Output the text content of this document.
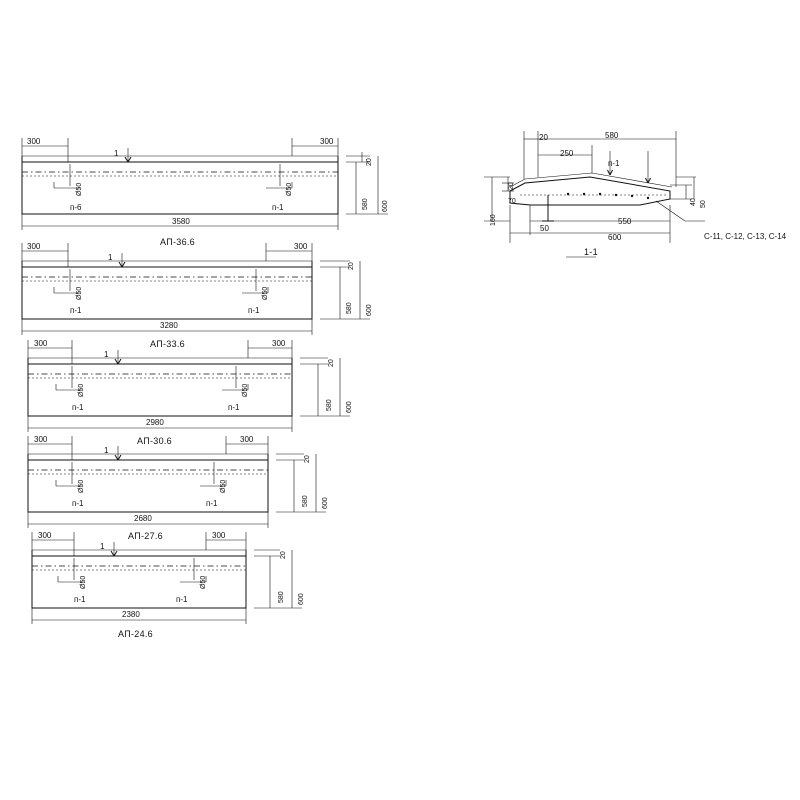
300	300
1
Ø50	Ø50
п-6	п-1
3580
АП-36.6
20
580 600
300	300
1
Ø50	Ø50
п-1	п-1
3280
АП-33.6
20
580 600
300	300
1
Ø50	Ø50
п-1	п-1
2980
АП-30.6
20
580 600
300	300
1
Ø50	Ø50
п-1	п-1
2680
АП-27.6
20
580 600
300	300
1
Ø50	Ø50
п-1	п-1
2380
АП-24.6
20
580 600
20	580
250
п-1
160
20
70	40 50
50
550
600	С-11, С-12, С-13, С-14
1-1
